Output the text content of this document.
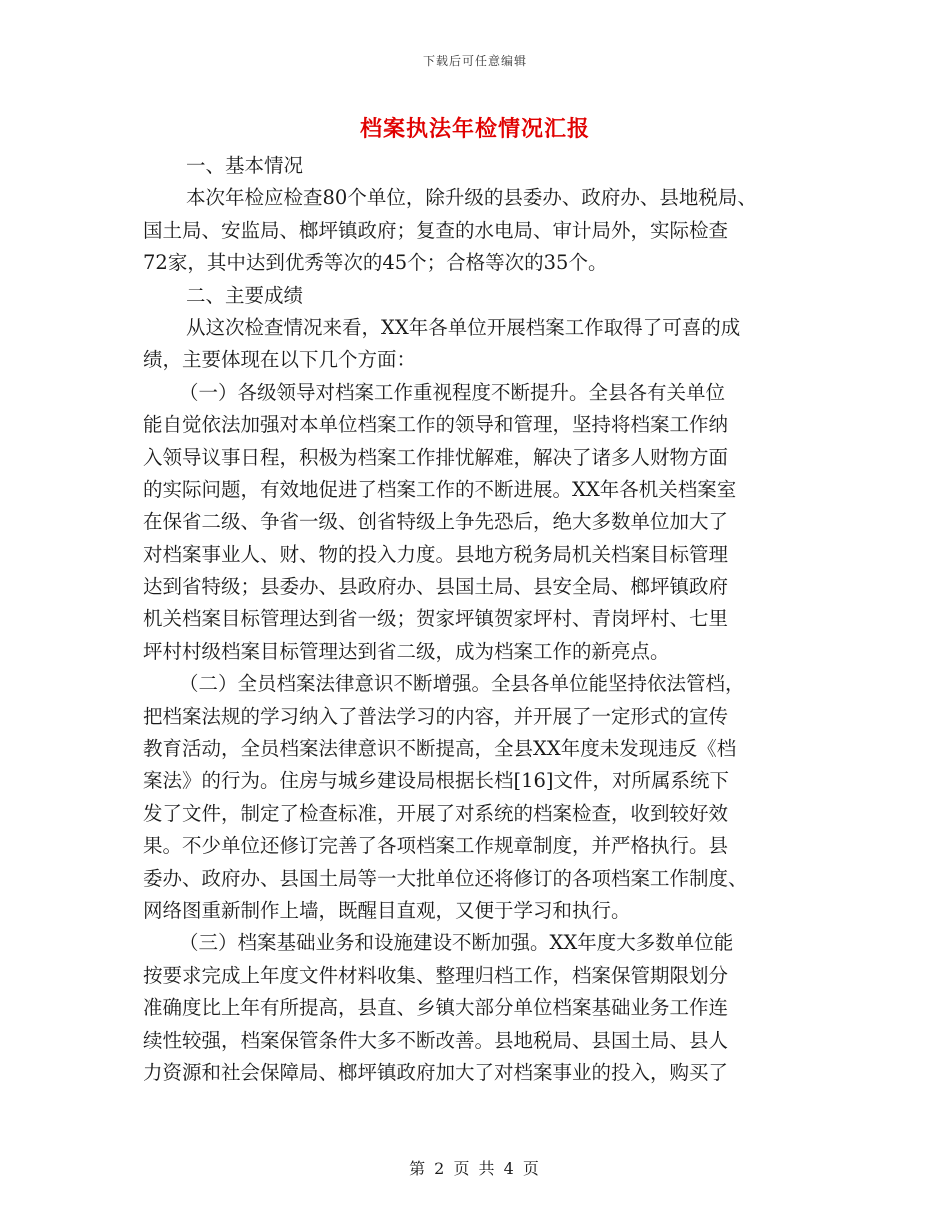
下载后可任意编辑
档案执法年检情况汇报
一、基本情况
本次年检应检查80个单位，除升级的县委办、政府办、县地税局、
国土局、安监局、榔坪镇政府；复查的水电局、审计局外，实际检查
72家，其中达到优秀等次的45个；合格等次的35个。
二、主要成绩
从这次检查情况来看，XX年各单位开展档案工作取得了可喜的成
绩，主要体现在以下几个方面：
（一）各级领导对档案工作重视程度不断提升。全县各有关单位
能自觉依法加强对本单位档案工作的领导和管理，坚持将档案工作纳
入领导议事日程，积极为档案工作排忧解难，解决了诸多人财物方面
的实际问题，有效地促进了档案工作的不断进展。XX年各机关档案室
在保省二级、争省一级、创省特级上争先恐后，绝大多数单位加大了
对档案事业人、财、物的投入力度。县地方税务局机关档案目标管理
达到省特级；县委办、县政府办、县国土局、县安全局、榔坪镇政府
机关档案目标管理达到省一级；贺家坪镇贺家坪村、青岗坪村、七里
坪村村级档案目标管理达到省二级，成为档案工作的新亮点。
（二）全员档案法律意识不断增强。全县各单位能坚持依法管档，
把档案法规的学习纳入了普法学习的内容，并开展了一定形式的宣传
教育活动，全员档案法律意识不断提高，全县XX年度未发现违反《档
案法》的行为。住房与城乡建设局根据长档[16]文件，对所属系统下
发了文件，制定了检查标准，开展了对系统的档案检查，收到较好效
果。不少单位还修订完善了各项档案工作规章制度，并严格执行。县
委办、政府办、县国土局等一大批单位还将修订的各项档案工作制度、
网络图重新制作上墙，既醒目直观，又便于学习和执行。
（三）档案基础业务和设施建设不断加强。XX年度大多数单位能
按要求完成上年度文件材料收集、整理归档工作，档案保管期限划分
准确度比上年有所提高，县直、乡镇大部分单位档案基础业务工作连
续性较强，档案保管条件大多不断改善。县地税局、县国土局、县人
力资源和社会保障局、榔坪镇政府加大了对档案事业的投入，购买了
第 2 页 共 4 页
